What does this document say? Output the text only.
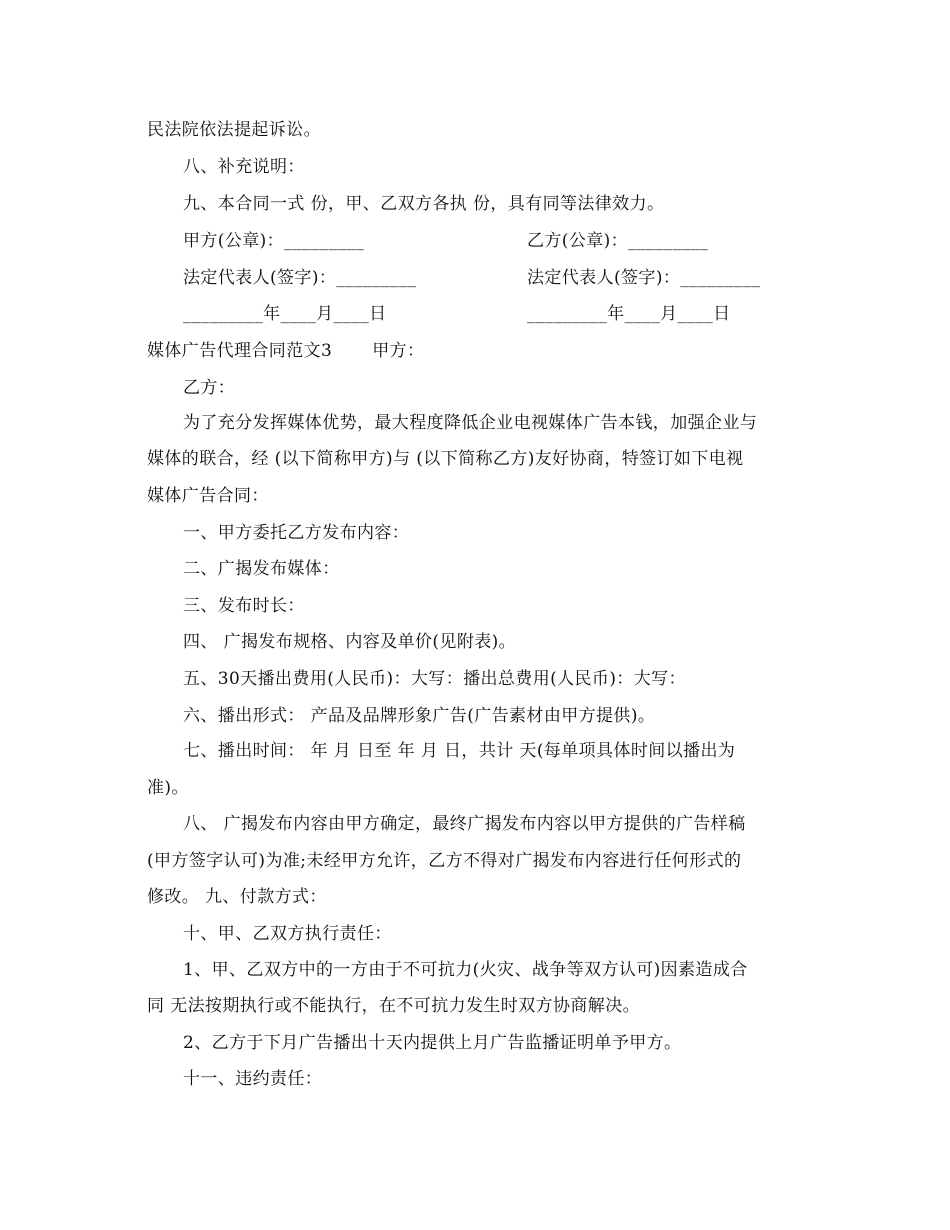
民法院依法提起诉讼。
八、补充说明：
九、本合同一式 份，甲、乙双方各执 份，具有同等法律效力。
甲方(公章)：_________	乙方(公章)：_________
法定代表人(签字)：_________	法定代表人(签字)：_________
_________年____月____日	_________年____月____日
媒体广告代理合同范文3 甲方：
乙方：
为了充分发挥媒体优势，最大程度降低企业电视媒体广告本钱，加强企业与
媒体的联合，经 (以下简称甲方)与 (以下简称乙方)友好协商，特签订如下电视
媒体广告合同：
一、甲方委托乙方发布内容：
二、广揭发布媒体：
三、发布时长：
四、 广揭发布规格、内容及单价(见附表)。
五、30天播出费用(人民币)：大写：播出总费用(人民币)：大写：
六、播出形式： 产品及品牌形象广告(广告素材由甲方提供)。
七、播出时间： 年 月 日至 年 月 日，共计 天(每单项具体时间以播出为
准)。
八、 广揭发布内容由甲方确定，最终广揭发布内容以甲方提供的广告样稿
(甲方签字认可)为准;未经甲方允许，乙方不得对广揭发布内容进行任何形式的
修改。 九、付款方式：
十、甲、乙双方执行责任：
1、甲、乙双方中的一方由于不可抗力(火灾、战争等双方认可)因素造成合
同 无法按期执行或不能执行，在不可抗力发生时双方协商解决。
2、乙方于下月广告播出十天内提供上月广告监播证明单予甲方。
十一、违约责任：
